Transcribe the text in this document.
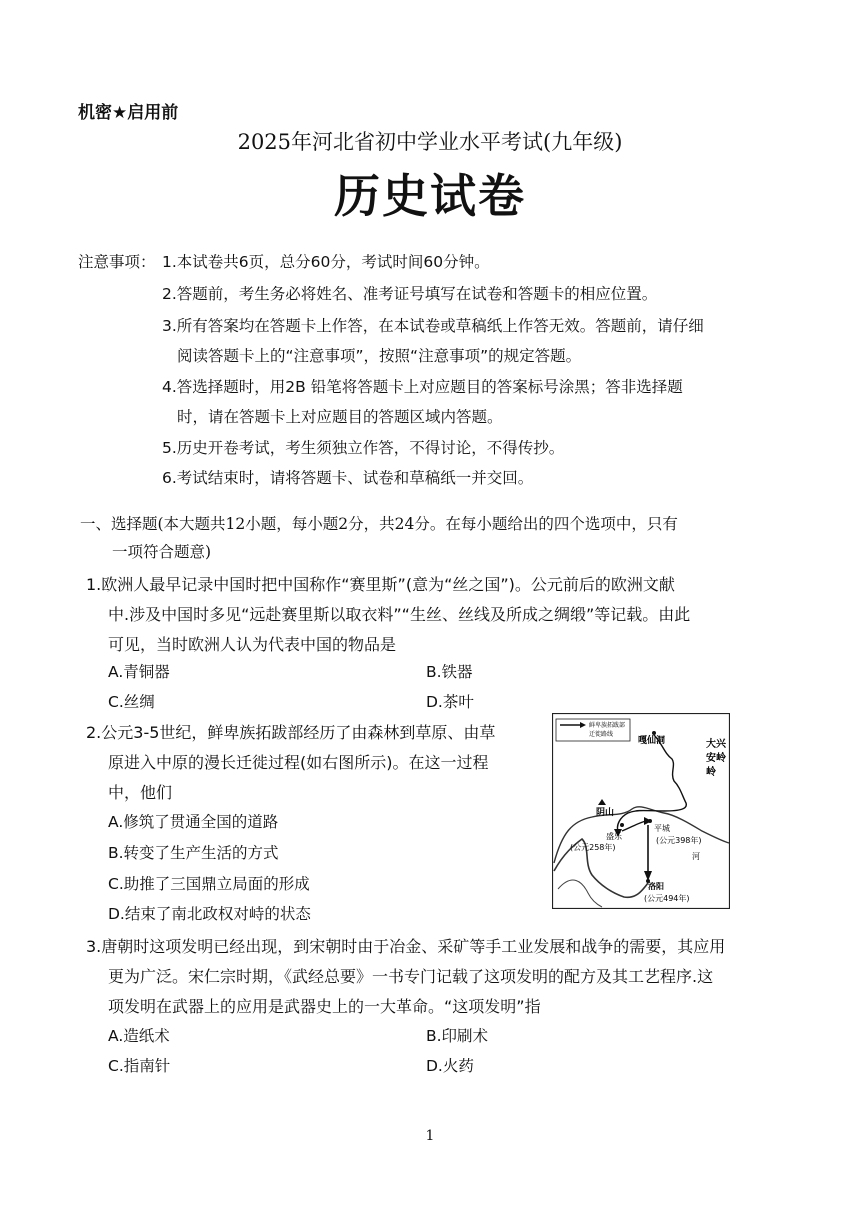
机密★启用前
2025年河北省初中学业水平考试(九年级)
历史试卷
注意事项： 1.本试卷共6页，总分60分，考试时间60分钟。
2.答题前，考生务必将姓名、准考证号填写在试卷和答题卡的相应位置。
3.所有答案均在答题卡上作答，在本试卷或草稿纸上作答无效。答题前，请仔细
阅读答题卡上的“注意事项”，按照“注意事项”的规定答题。
4.答选择题时，用2B 铅笔将答题卡上对应题目的答案标号涂黑；答非选择题
时，请在答题卡上对应题目的答题区域内答题。
5.历史开卷考试，考生须独立作答，不得讨论，不得传抄。
6.考试结束时，请将答题卡、试卷和草稿纸一并交回。
一、选择题(本大题共12小题，每小题2分，共24分。在每小题给出的四个选项中，只有
一项符合题意)
1.欧洲人最早记录中国时把中国称作“赛里斯”(意为“丝之国”)。公元前后的欧洲文献
中.涉及中国时多见“远赴赛里斯以取衣料”“生丝、丝线及所成之绸缎”等记载。由此
可见，当时欧洲人认为代表中国的物品是
A.青铜器	B.铁器
C.丝绸	D.茶叶
2.公元3-5世纪，鲜卑族拓跋部经历了由森林到草原、由草
原进入中原的漫长迁徙过程(如右图所示)。在这一过程
中，他们
A.修筑了贯通全国的道路
B.转变了生产生活的方式
C.助推了三国鼎立局面的形成
D.结束了南北政权对峙的状态
鲜卑族拓跋部
迁徙路线
嘎仙洞	大兴
安岭
岭
阴山
盛乐
(公元258年)
平城
(公元398年)
河
洛阳
(公元494年)
3.唐朝时这项发明已经出现，到宋朝时由于冶金、采矿等手工业发展和战争的需要，其应用
更为广泛。宋仁宗时期，《武经总要》一书专门记载了这项发明的配方及其工艺程序.这
项发明在武器上的应用是武器史上的一大革命。“这项发明”指
A.造纸术	B.印刷术
C.指南针	D.火药
1
